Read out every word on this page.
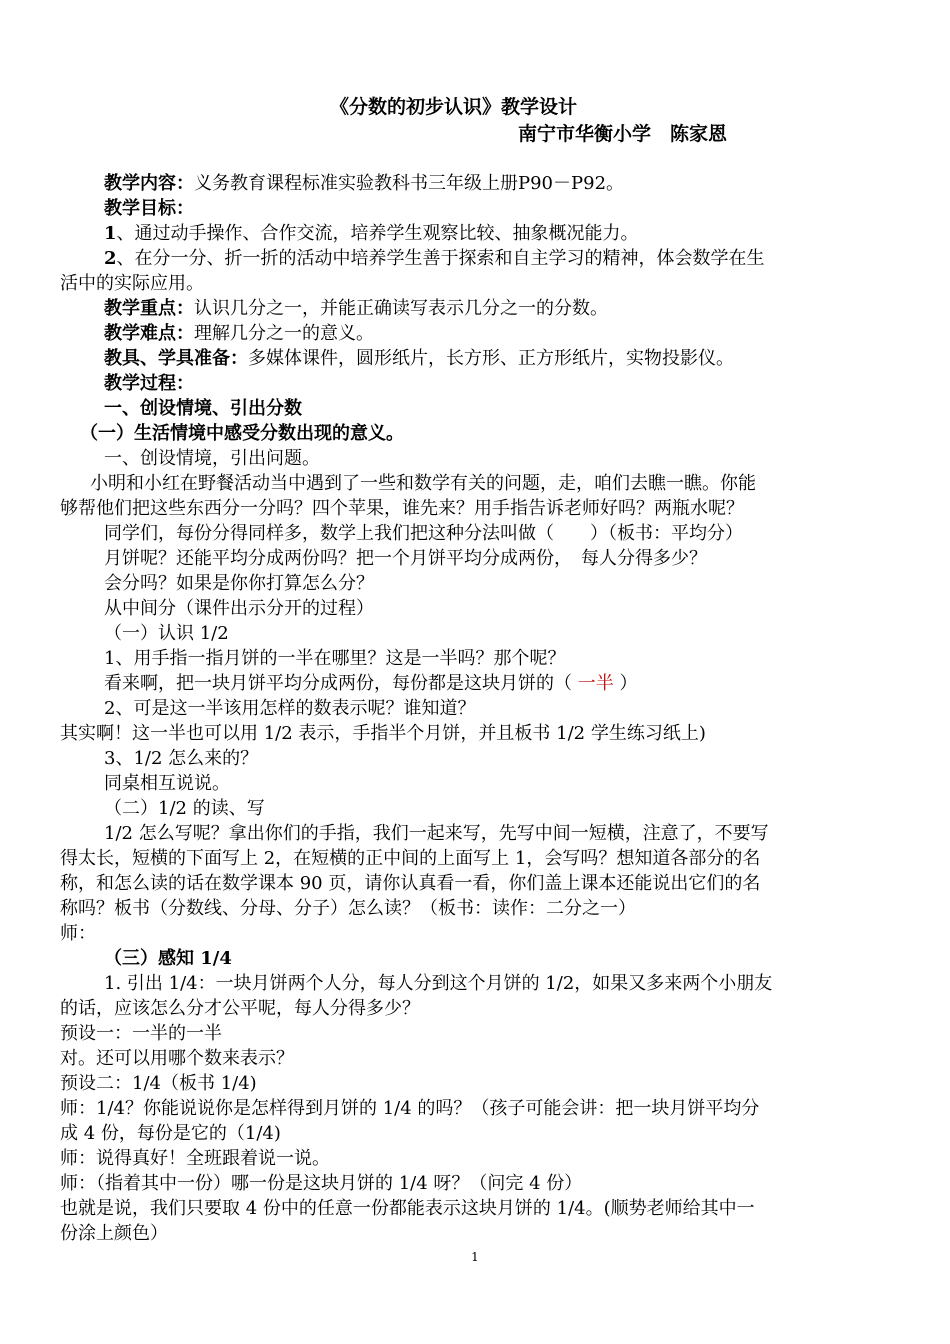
《分数的初步认识》教学设计
南宁市华衡小学　陈家恩
教学内容：义务教育课程标准实验教科书三年级上册P90－P92。
教学目标：
1、通过动手操作、合作交流，培养学生观察比较、抽象概况能力。
2、在分一分、折一折的活动中培养学生善于探索和自主学习的精神，体会数学在生
活中的实际应用。
教学重点：认识几分之一，并能正确读写表示几分之一的分数。
教学难点：理解几分之一的意义。
教具、学具准备：多媒体课件，圆形纸片，长方形、正方形纸片，实物投影仪。
教学过程：
一、创设情境、引出分数
（一）生活情境中感受分数出现的意义。
一、创设情境，引出问题。
小明和小红在野餐活动当中遇到了一些和数学有关的问题，走，咱们去瞧一瞧。你能
够帮他们把这些东西分一分吗？四个苹果，谁先来？用手指告诉老师好吗？两瓶水呢？
同学们，每份分得同样多，数学上我们把这种分法叫做（　　）（板书：平均分）
月饼呢？还能平均分成两份吗？把一个月饼平均分成两份，　每人分得多少？
会分吗？如果是你你打算怎么分？
从中间分（课件出示分开的过程）
（一）认识 1/2
1、用手指一指月饼的一半在哪里？这是一半吗？那个呢？
看来啊，把一块月饼平均分成两份，每份都是这块月饼的（ 一半 ）
2、可是这一半该用怎样的数表示呢？谁知道？
其实啊！这一半也可以用 1/2 表示，手指半个月饼，并且板书 1/2 学生练习纸上)
3、1/2 怎么来的？
同桌相互说说。
（二）1/2 的读、写
1/2 怎么写呢？拿出你们的手指，我们一起来写，先写中间一短横，注意了，不要写
得太长，短横的下面写上 2，在短横的正中间的上面写上 1，会写吗？想知道各部分的名
称，和怎么读的话在数学课本 90 页，请你认真看一看，你们盖上课本还能说出它们的名
称吗？板书（分数线、分母、分子）怎么读？（板书：读作：二分之一）
师：
（三）感知 1/4
1. 引出 1/4：一块月饼两个人分，每人分到这个月饼的 1/2，如果又多来两个小朋友
的话，应该怎么分才公平呢，每人分得多少？
预设一：一半的一半
对。还可以用哪个数来表示？
预设二：1/4（板书 1/4)
师：1/4？你能说说你是怎样得到月饼的 1/4 的吗？（孩子可能会讲：把一块月饼平均分
成 4 份，每份是它的（1/4)
师：说得真好！全班跟着说一说。
师：（指着其中一份）哪一份是这块月饼的 1/4 呀？（问完 4 份）
也就是说，我们只要取 4 份中的任意一份都能表示这块月饼的 1/4。(顺势老师给其中一
份涂上颜色）
1
